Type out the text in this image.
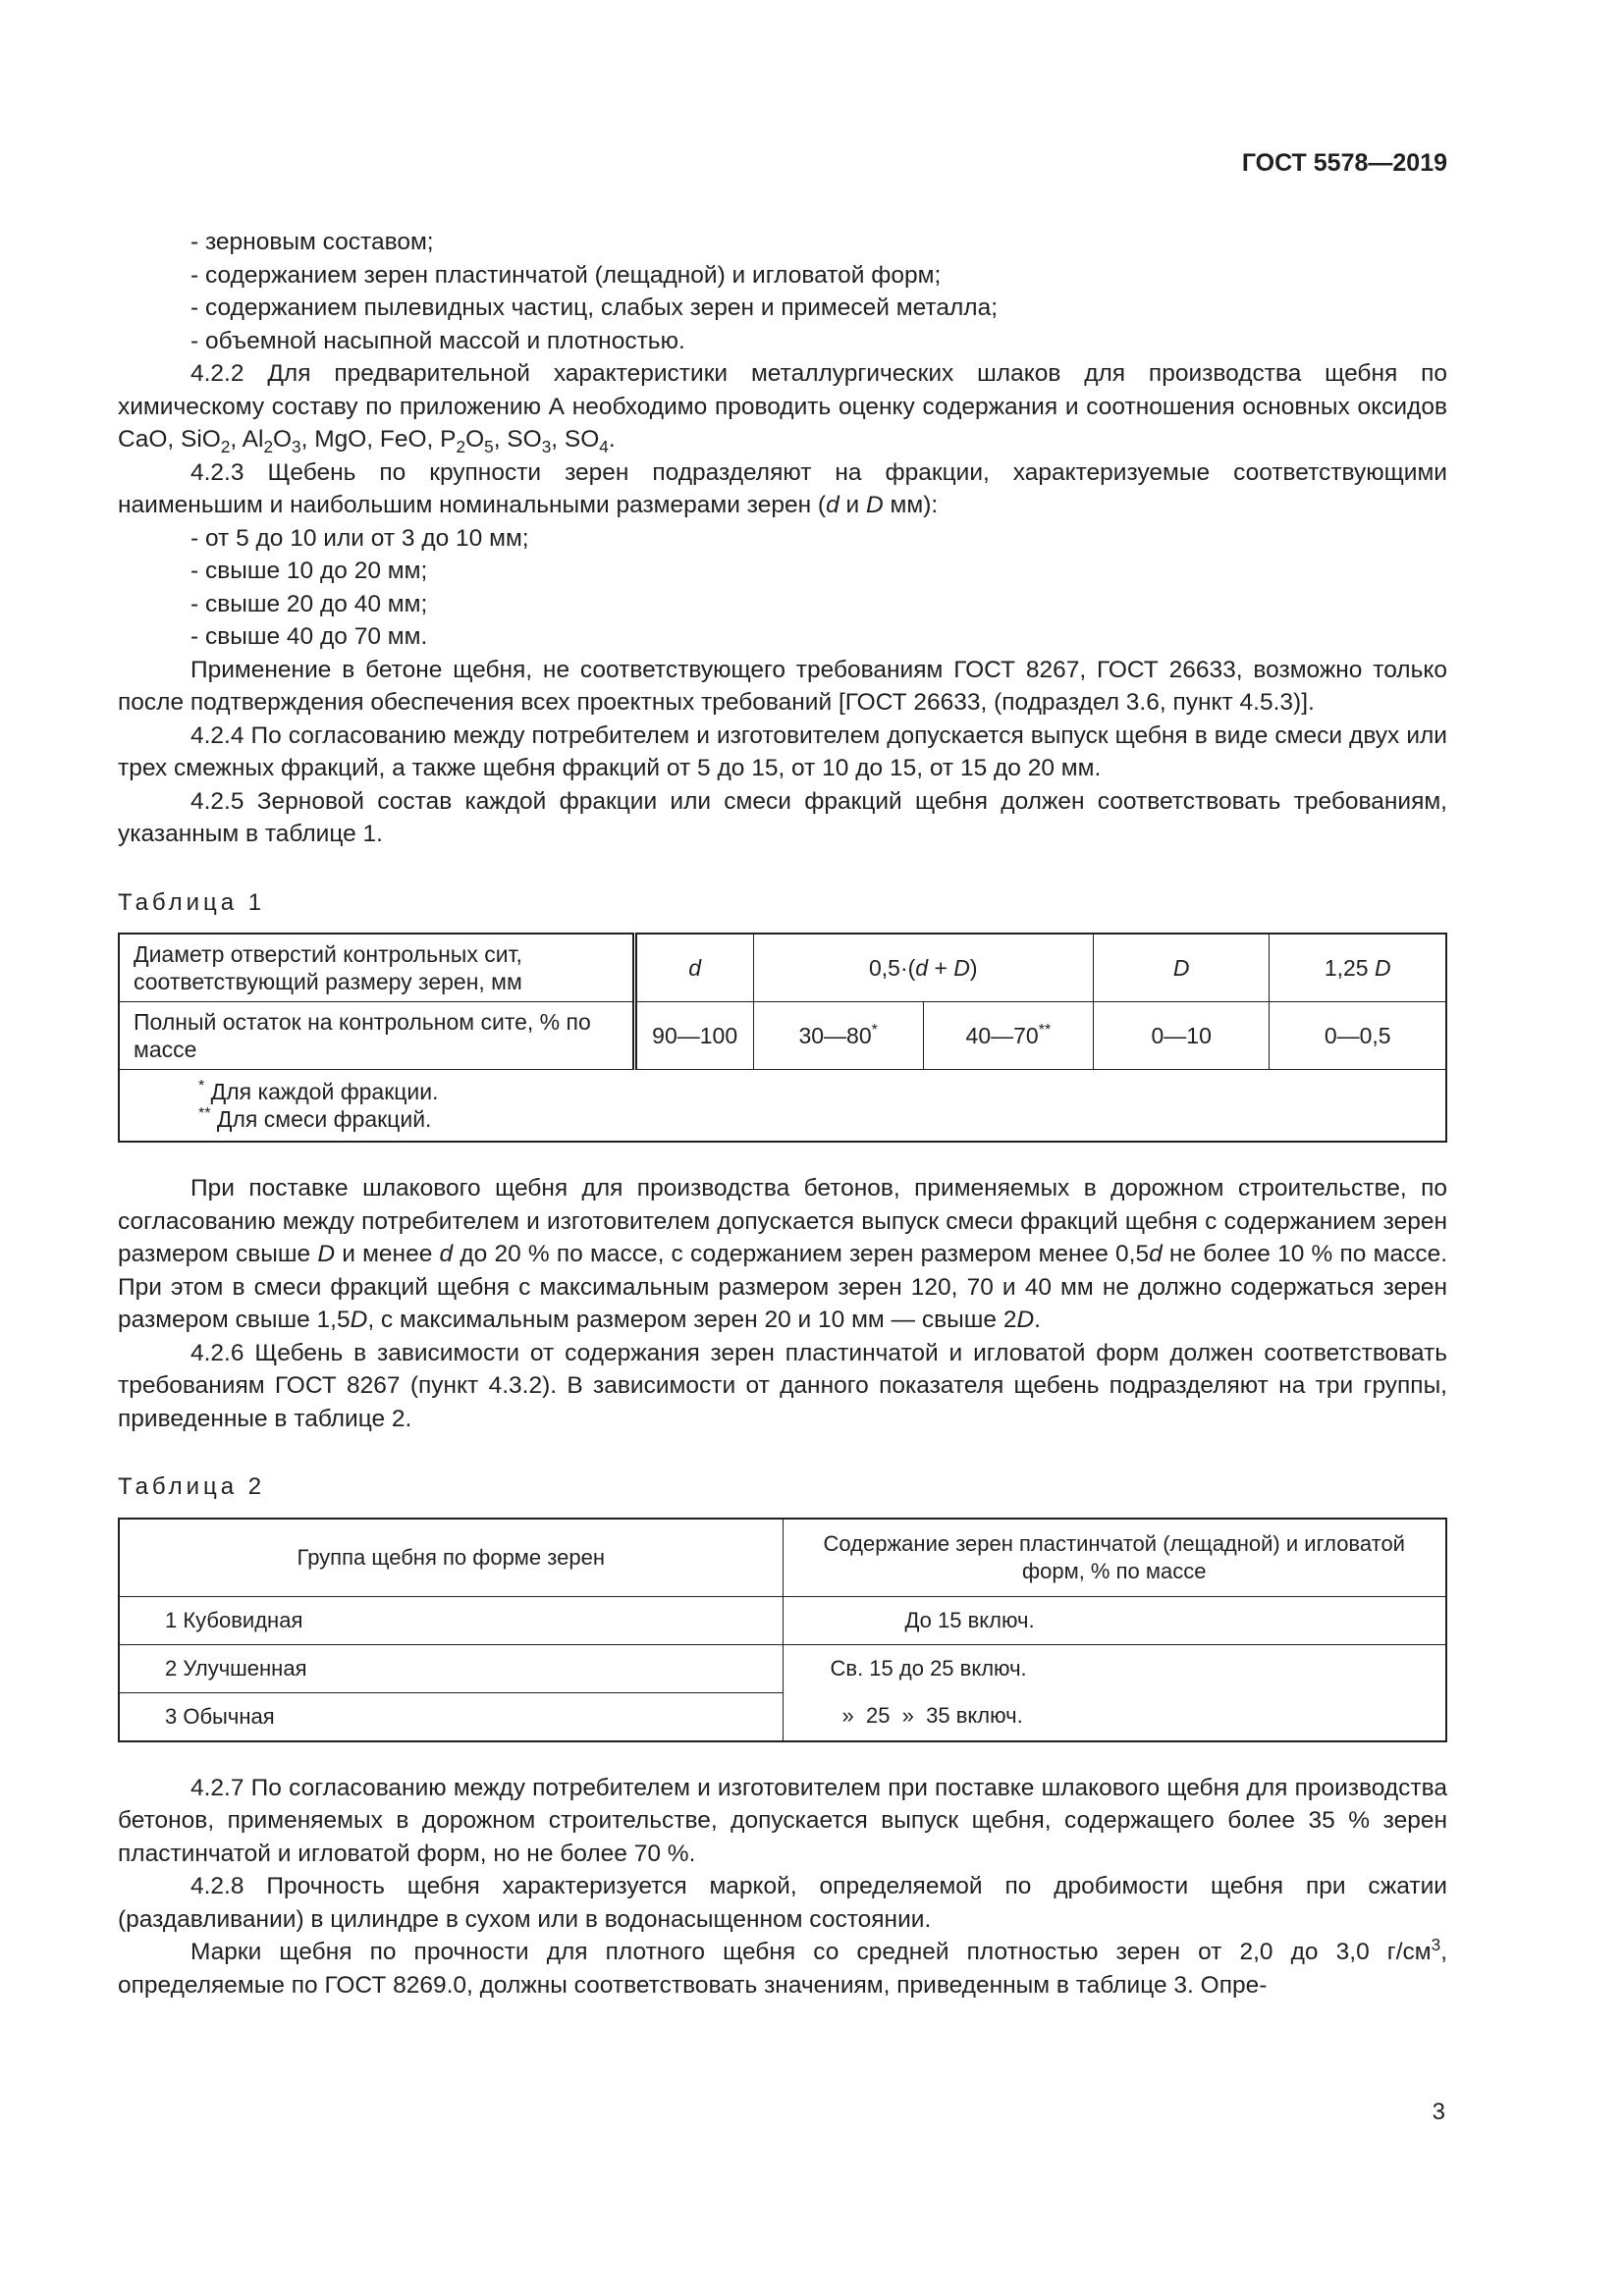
ГОСТ 5578—2019

- зерновым составом;

- содержанием зерен пластинчатой (лещадной) и игловатой форм;

- содержанием пылевидных частиц, слабых зерен и примесей металла;

- объемной насыпной массой и плотностью.

4.2.2 Для предварительной характеристики металлургических шлаков для производства щебня по химическому составу по приложению А необходимо проводить оценку содержания и соотношения основных оксидов CaO, SiO$_2$, $Al_2O_3$, MgO, FeO, $P_2O_5$, $SO_3$, $SO_4$.

4.2.3 Щебень по крупности зерен подразделяют на фракции, характеризуемые соответствующими наименьшим и наибольшим номинальными размерами зерен (d и D мм):

- от 5 до 10 или от 3 до 10 мм;

- свыше 10 до 20 мм;

- свыше 20 до 40 мм;

- свыше 40 до 70 мм.

Применение в бетоне щебня, не соответствующего требованиям ГОСТ 8267, ГОСТ 26633, возможно только после подтверждения обеспечения всех проектных требований [ГОСТ 26633, (подраздел 3.6, пункт 4.5.3)].

4.2.4 По согласованию между потребителем и изготовителем допускается выпуск щебня в виде смеси двух или трех смежных фракций, а также щебня фракций от 5 до 15, от 10 до 15, от 15 до 20 мм.

4.2.5 Зерновой состав каждой фракции или смеси фракций щебня должен соответствовать требованиям, указанным в таблице 1.

Таблица 1

Диаметр отверстий контрольных сит, соответствующий размеру зерен, мм	d	0,5·(d + D)		D	1,25 D
Полный остаток на контрольном сите, % по массе	90—100	30—80*	40—70**	0—10	0—0,5

* Для каждой фракции.
** Для смеси фракций.					

При поставке шлакового щебня для производства бетонов, применяемых в дорожном строительстве, по согласованию между потребителем и изготовителем допускается выпуск смеси фракций щебня с содержанием зерен размером свыше D и менее d до 20 % по массе, с содержанием зерен размером менее 0,5d не более 10 % по массе. При этом в смеси фракций щебня с максимальным размером зерен 120, 70 и 40 мм не должно содержаться зерен размером свыше 1,5D, с максимальным размером зерен 20 и 10 мм — свыше 2D.

4.2.6 Щебень в зависимости от содержания зерен пластинчатой и игловатой форм должен соответствовать требованиям ГОСТ 8267 (пункт 4.3.2). В зависимости от данного показателя щебень подразделяют на три группы, приведенные в таблице 2.

Таблица 2

Группа щебня по форме зерен	Содержание зерен пластинчатой (лещадной) и игловатой форм, % по массе
1 Кубовидная	До 15 включ.
2 Улучшенная	Св. 15 до 25 включ.
3 Обычная	»  25  »  35 включ.

4.2.7 По согласованию между потребителем и изготовителем при поставке шлакового щебня для производства бетонов, применяемых в дорожном строительстве, допускается выпуск щебня, содержащего более 35 % зерен пластинчатой и игловатой форм, но не более 70 %.

4.2.8 Прочность щебня характеризуется маркой, определяемой по дробимости щебня при сжатии (раздавливании) в цилиндре в сухом или в водонасыщенном состоянии.

Марки щебня по прочности для плотного щебня со средней плотностью зерен от 2,0 до 3,0 $г/см^3$, определяемые по ГОСТ 8269.0, должны соответствовать значениям, приведенным в таблице 3. Опре-

3
